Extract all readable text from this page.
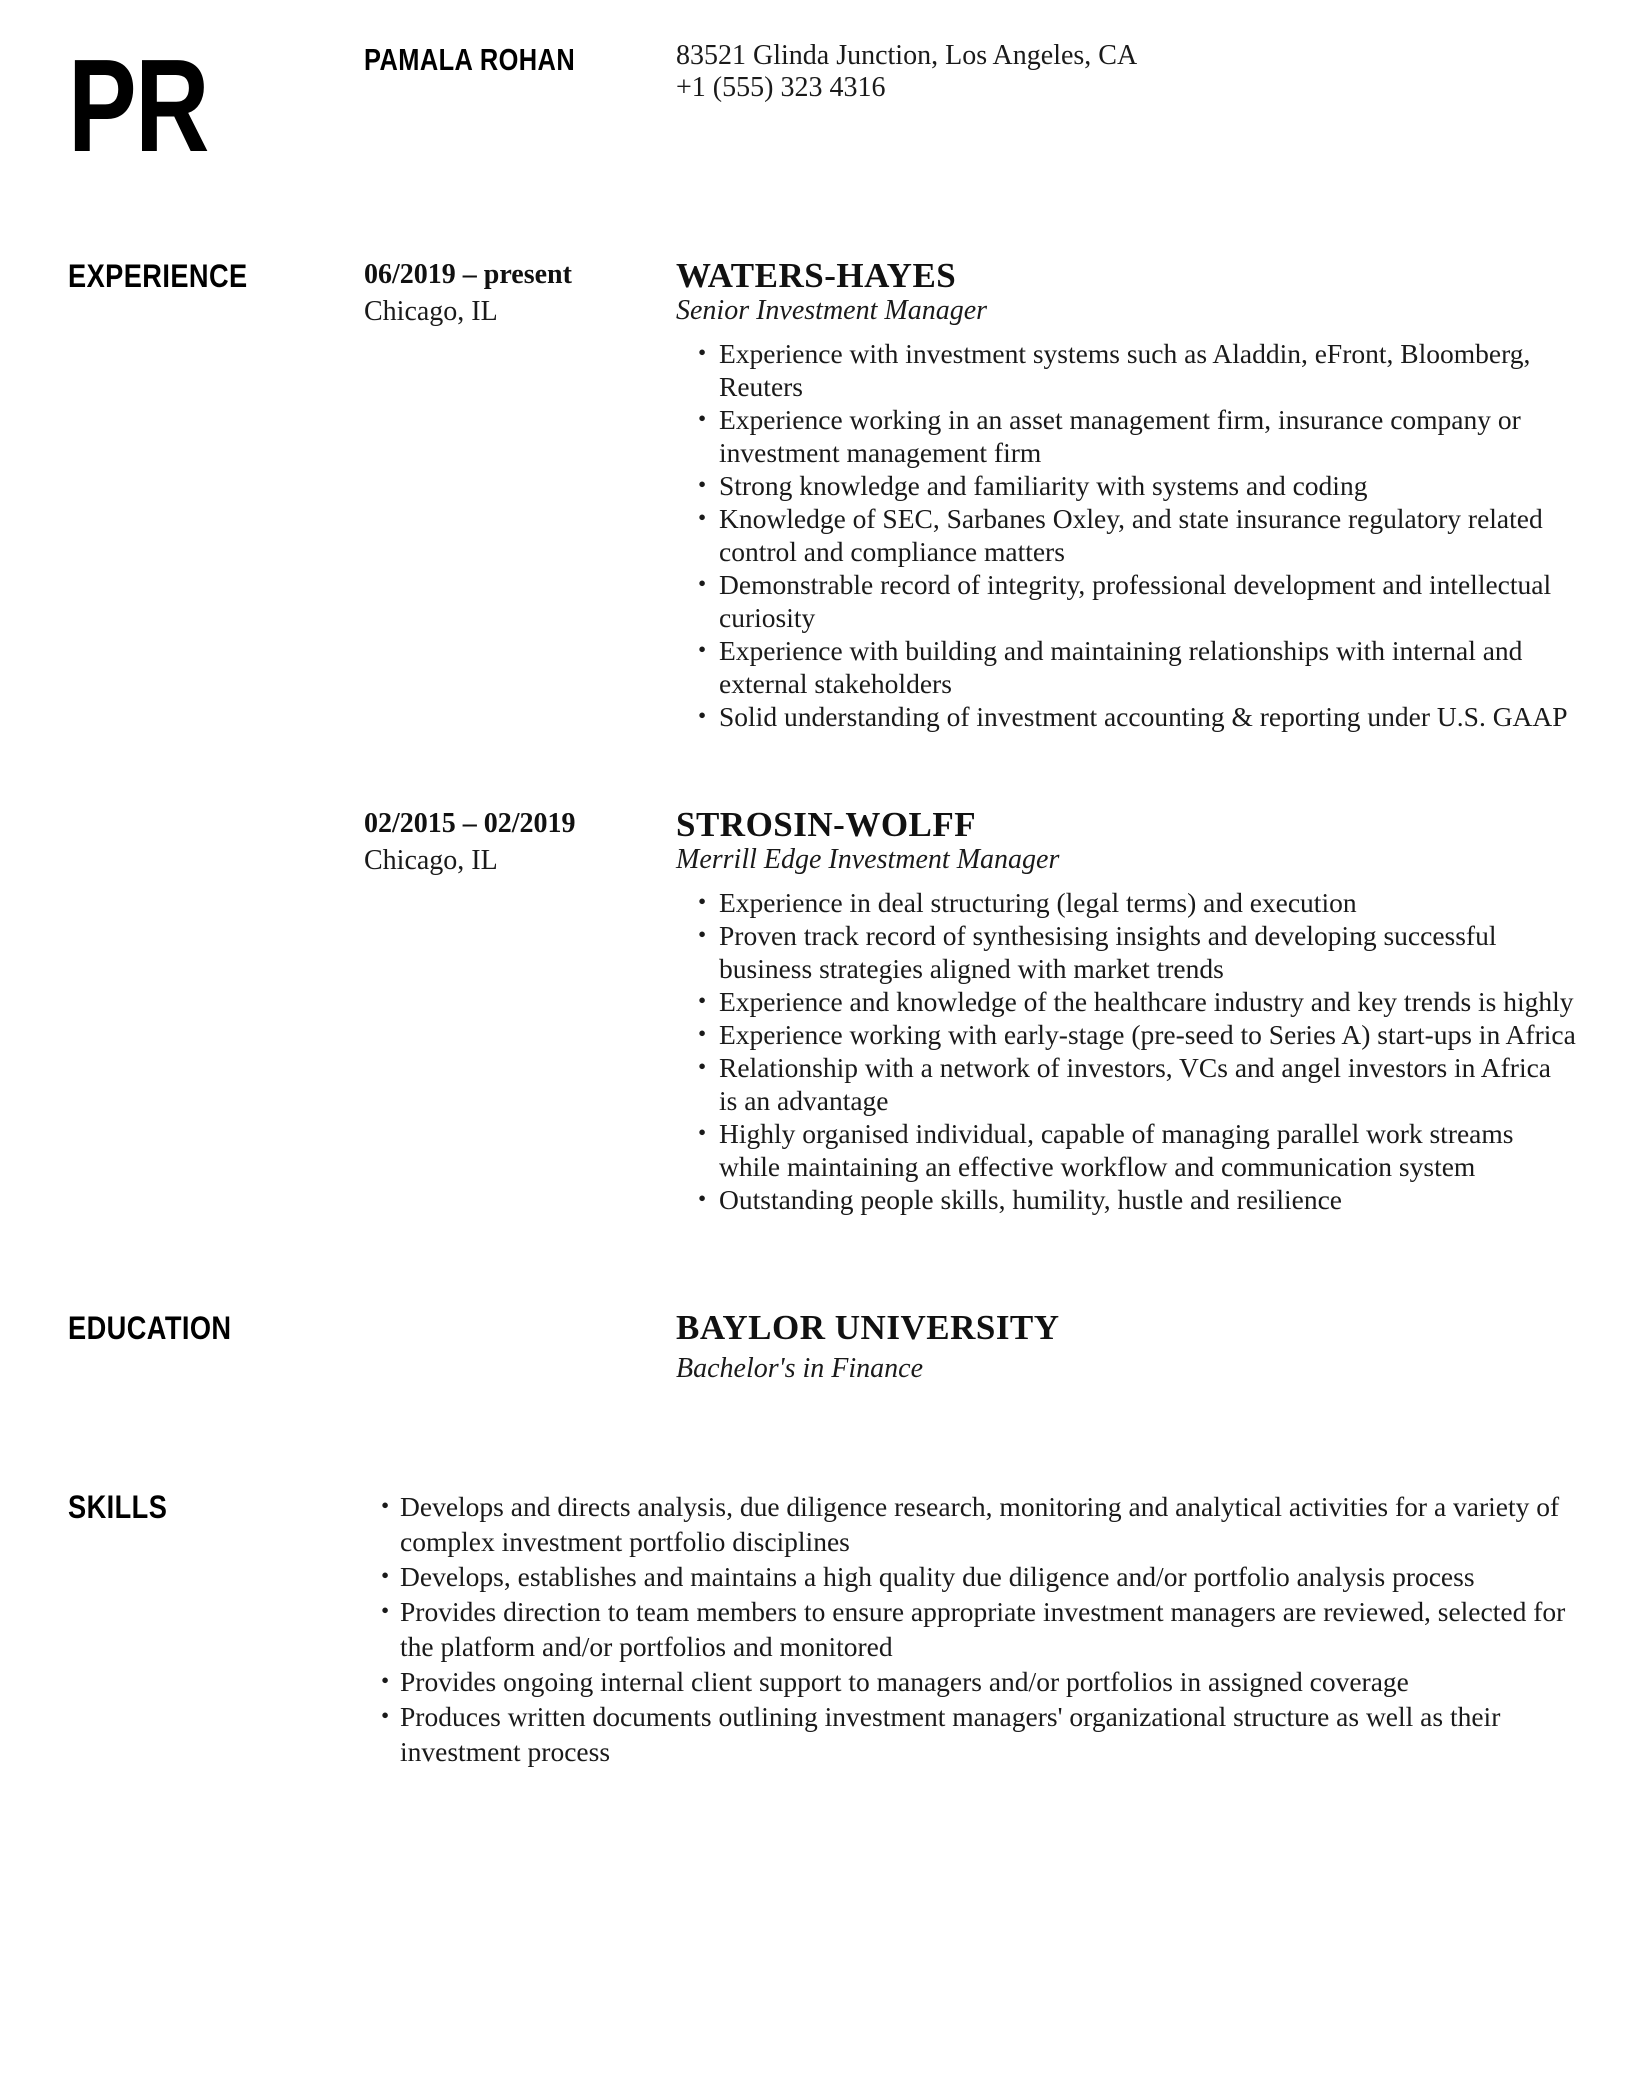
PR	PAMALA ROHAN	83521 Glinda Junction, Los Angeles, CA
+1 (555) 323 4316
EXPERIENCE	06/2019 – present
Chicago, IL
WATERS-HAYES
Senior Investment Manager
• Experience with investment systems such as Aladdin, eFront, Bloomberg, Reuters
• Experience working in an asset management firm, insurance company or investment management firm
• Strong knowledge and familiarity with systems and coding
• Knowledge of SEC, Sarbanes Oxley, and state insurance regulatory related control and compliance matters
• Demonstrable record of integrity, professional development and intellectual curiosity
• Experience with building and maintaining relationships with internal and external stakeholders
• Solid understanding of investment accounting & reporting under U.S. GAAP
02/2015 – 02/2019
Chicago, IL
STROSIN-WOLFF
Merrill Edge Investment Manager
• Experience in deal structuring (legal terms) and execution
• Proven track record of synthesising insights and developing successful business strategies aligned with market trends
• Experience and knowledge of the healthcare industry and key trends is highly
• Experience working with early-stage (pre-seed to Series A) start-ups in Africa
• Relationship with a network of investors, VCs and angel investors in Africa is an advantage
• Highly organised individual, capable of managing parallel work streams while maintaining an effective workflow and communication system
• Outstanding people skills, humility, hustle and resilience
EDUCATION	BAYLOR UNIVERSITY
Bachelor's in Finance
SKILLS	• Develops and directs analysis, due diligence research, monitoring and analytical activities for a variety of complex investment portfolio disciplines
• Develops, establishes and maintains a high quality due diligence and/or portfolio analysis process
• Provides direction to team members to ensure appropriate investment managers are reviewed, selected for the platform and/or portfolios and monitored
• Provides ongoing internal client support to managers and/or portfolios in assigned coverage
• Produces written documents outlining investment managers' organizational structure as well as their investment process
